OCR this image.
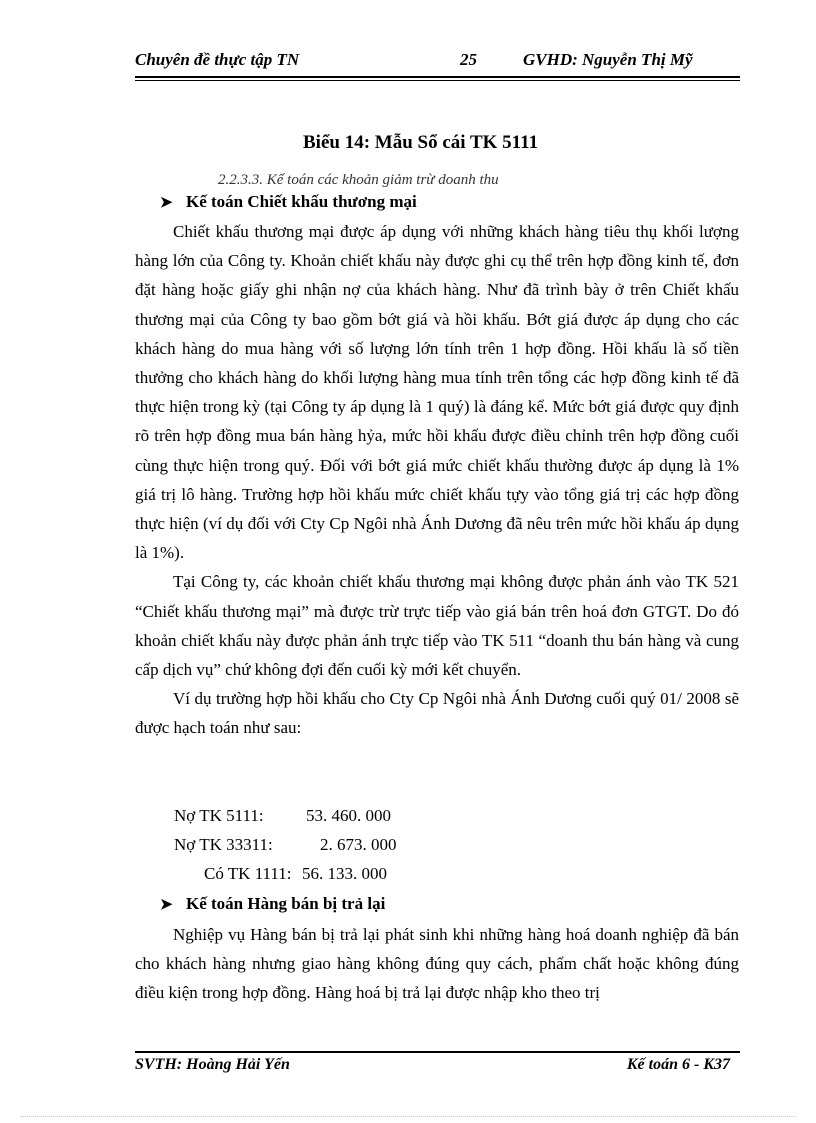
Chuyên đề thực tập TN	25	GVHD: Nguyễn Thị Mỹ
Biểu 14: Mẫu Sổ cái TK 5111
2.2.3.3. Kế toán các khoản giảm trừ doanh thu
➤ Kế toán Chiết khấu thương mại

Chiết khấu thương mại được áp dụng với những khách hàng tiêu thụ khối lượng hàng lớn của Công ty. Khoản chiết khấu này được ghi cụ thể trên hợp đồng kinh tế, đơn đặt hàng hoặc giấy ghi nhận nợ của khách hàng. Như đã trình bày ở trên Chiết khấu thương mại của Công ty bao gồm bớt giá và hồi khấu. Bớt giá được áp dụng cho các khách hàng do mua hàng với số lượng lớn tính trên 1 hợp đồng. Hồi khấu là số tiền thưởng cho khách hàng do khối lượng hàng mua tính trên tổng các hợp đồng kinh tế đã thực hiện trong kỳ (tại Công ty áp dụng là 1 quý) là đáng kể. Mức bớt giá được quy định rõ trên hợp đồng mua bán hàng hỷa, mức hồi khấu được điều chỉnh trên hợp đồng cuối cùng thực hiện trong quý. Đối với bớt giá mức chiết khấu thường được áp dụng là 1% giá trị lô hàng. Trường hợp hồi khấu mức chiết khấu tựy vào tổng giá trị các hợp đồng thực hiện (ví dụ đối với Cty Cp Ngôi nhà Ánh Dương đã nêu trên mức hồi khấu áp dụng là 1%).

Tại Công ty, các khoản chiết khấu thương mại không được phản ánh vào TK 521 “Chiết khấu thương mại” mà được trừ trực tiếp vào giá bán trên hoá đơn GTGT. Do đó khoản chiết khấu này được phản ánh trực tiếp vào TK 511 “doanh thu bán hàng và cung cấp dịch vụ” chứ không đợi đến cuối kỳ mới kết chuyển.

Ví dụ trường hợp hồi khấu cho Cty Cp Ngôi nhà Ánh Dương cuối quý 01/ 2008 sẽ được hạch toán như sau:

Nợ TK 5111: 53. 460. 000
Nợ TK 33311:	2. 673. 000
Có TK 1111: 56. 133. 000
➤ Kế toán Hàng bán bị trả lại

Nghiệp vụ Hàng bán bị trả lại phát sinh khi những hàng hoá doanh nghiệp đã bán cho khách hàng nhưng giao hàng không đúng quy cách, phẩm chất hoặc không đúng điều kiện trong hợp đồng. Hàng hoá bị trả lại được nhập kho theo trị

SVTH: Hoàng Hải Yến	Kế toán 6 - K37
